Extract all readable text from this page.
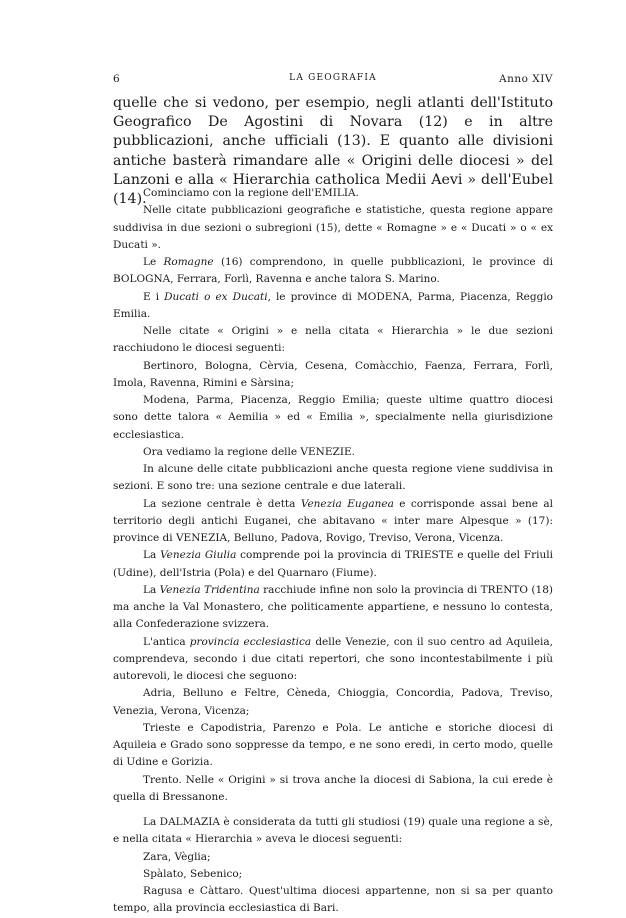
6	LA GEOGRAFIA	Anno XIV

quelle che si vedono, per esempio, negli atlanti dell'Istituto Geografico De Agostini di Novara (12) e in altre pubblicazioni, anche ufficiali (13). E quanto alle divisioni antiche basterà rimandare alle « Origini delle diocesi » del Lanzoni e alla « Hierarchia catholica Medii Aevi » dell'Eubel (14).

Cominciamo con la regione dell'EMILIA.

Nelle citate pubblicazioni geografiche e statistiche, questa regione appare suddivisa in due sezioni o subregioni (15), dette « Romagne » e « Ducati » o « ex Ducati ».

Le Romagne (16) comprendono, in quelle pubblicazioni, le province di BOLOGNA, Ferrara, Forlì, Ravenna e anche talora S. Marino.

E i Ducati o ex Ducati, le province di MODENA, Parma, Piacenza, Reggio Emilia.

Nelle citate « Origini » e nella citata « Hierarchia » le due sezioni racchiudono le diocesi seguenti:

Bertinoro, Bologna, Cèrvia, Cesena, Comàcchio, Faenza, Ferrara, Forlì, Imola, Ravenna, Rimini e Sàrsina;

Modena, Parma, Piacenza, Reggio Emilia; queste ultime quattro diocesi sono dette talora « Aemilia » ed « Emilia », specialmente nella giurisdizione ecclesiastica.

Ora vediamo la regione delle VENEZIE.

In alcune delle citate pubblicazioni anche questa regione viene suddivisa in sezioni. E sono tre: una sezione centrale e due laterali.

La sezione centrale è detta Venezia Euganea e corrisponde assai bene al territorio degli antichi Euganei, che abitavano « inter mare Alpesque » (17): province di VENEZIA, Belluno, Padova, Rovigo, Treviso, Verona, Vicenza.

La Venezia Giulia comprende poi la provincia di TRIESTE e quelle del Friuli (Udine), dell'Istria (Pola) e del Quarnaro (Fiume).

La Venezia Tridentina racchiude infine non solo la provincia di TRENTO (18) ma anche la Val Monastero, che politicamente appartiene, e nessuno lo contesta, alla Confederazione svizzera.

L'antica provincia ecclesiastica delle Venezie, con il suo centro ad Aquileia, comprendeva, secondo i due citati repertori, che sono incontestabilmente i più autorevoli, le diocesi che seguono:

Adria, Belluno e Feltre, Cèneda, Chioggia, Concordia, Padova, Treviso, Venezia, Verona, Vicenza;

Trieste e Capodistria, Parenzo e Pola. Le antiche e storiche diocesi di Aquileia e Grado sono soppresse da tempo, e ne sono eredi, in certo modo, quelle di Udine e Gorizia.

Trento. Nelle « Origini » si trova anche la diocesi di Sabiona, la cui erede è quella di Bressanone.

La DALMAZIA è considerata da tutti gli studiosi (19) quale una regione a sè, e nella citata « Hierarchia » aveva le diocesi seguenti:

Zara, Vèglia;

Spàlato, Sebenico;

Ragusa e Càttaro. Quest'ultima diocesi appartenne, non si sa per quanto tempo, alla provincia ecclesiastica di Bari.
